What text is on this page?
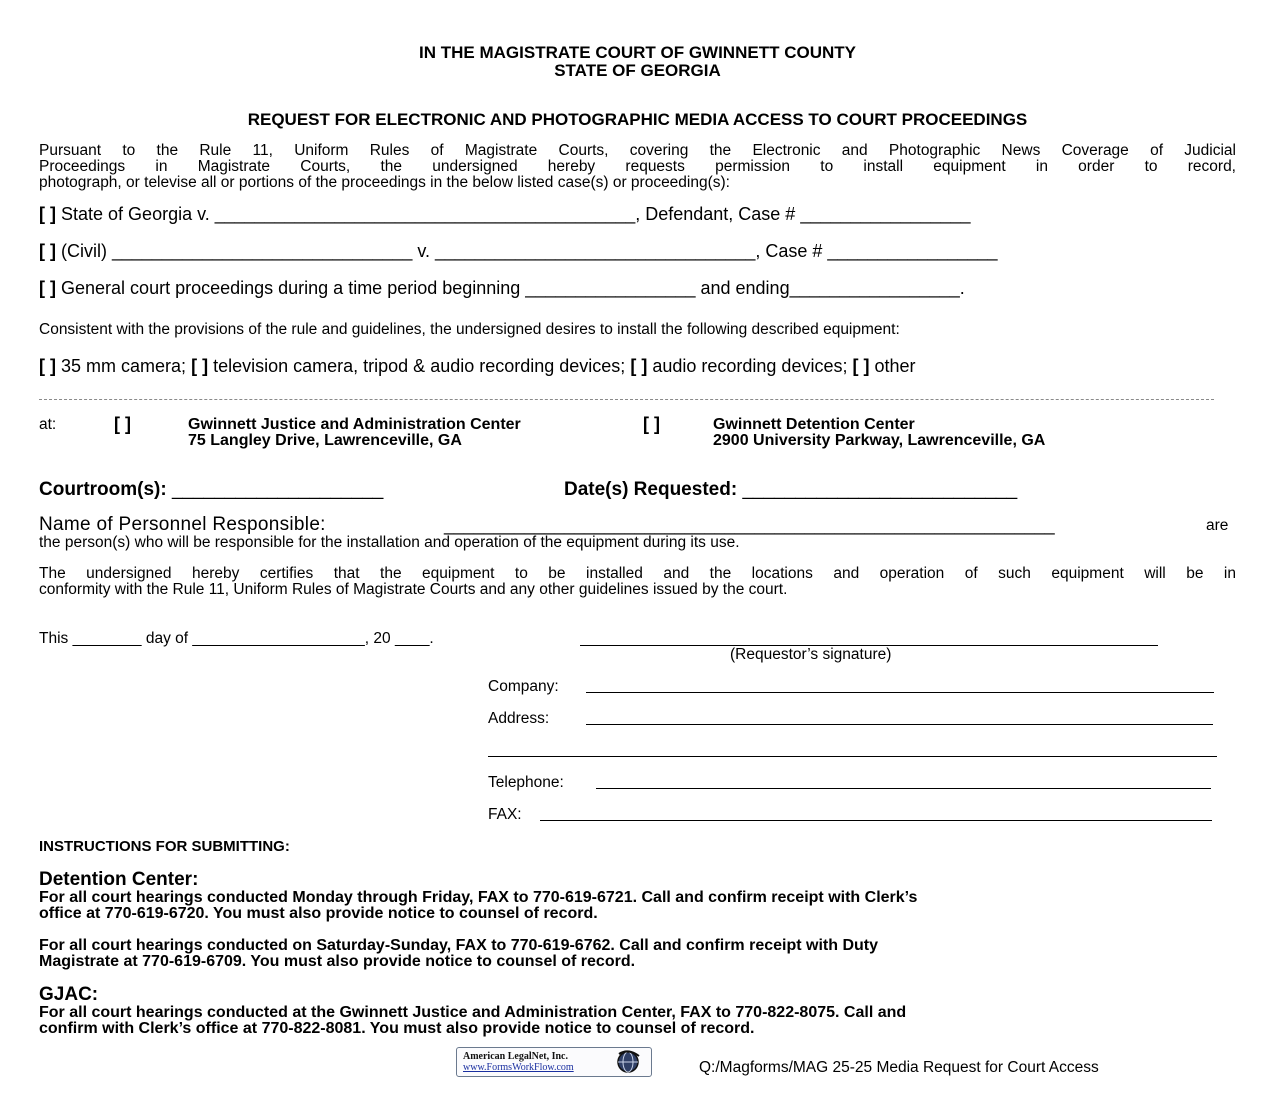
IN THE MAGISTRATE COURT OF GWINNETT COUNTY
STATE OF GEORGIA
REQUEST FOR ELECTRONIC AND PHOTOGRAPHIC MEDIA ACCESS TO COURT PROCEEDINGS
Pursuant to the Rule 11, Uniform Rules of Magistrate Courts, covering the Electronic and Photographic News Coverage of Judicial
Proceedings in Magistrate Courts, the undersigned hereby requests permission to install equipment in order to record,
photograph, or televise all or portions of the proceedings in the below listed case(s) or proceeding(s):
[ ] State of Georgia v. __________________________________________, Defendant, Case # _________________
[ ] (Civil) ______________________________ v. ________________________________, Case # _________________
[ ] General court proceedings during a time period beginning _________________ and ending_________________.
Consistent with the provisions of the rule and guidelines, the undersigned desires to install the following described equipment:
[ ] 35 mm camera; [ ] television camera, tripod & audio recording devices; [ ] audio recording devices; [ ] other
at:	[ ]	Gwinnett Justice and Administration Center
75 Langley Drive, Lawrenceville, GA
[ ]	Gwinnett Detention Center
2900 University Parkway, Lawrenceville, GA
Courtroom(s): ____________________	Date(s) Requested: __________________________
Name of Personnel Responsible:	_____________________________________________________________	are
the person(s) who will be responsible for the installation and operation of the equipment during its use.
The undersigned hereby certifies that the equipment to be installed and the locations and operation of such equipment will be in
conformity with the Rule 11, Uniform Rules of Magistrate Courts and any other guidelines issued by the court.
This ________ day of ____________________, 20 ____.
(Requestor’s signature)
Company:
Address:
Telephone:
FAX:
INSTRUCTIONS FOR SUBMITTING:
Detention Center:
For all court hearings conducted Monday through Friday, FAX to 770-619-6721. Call and confirm receipt with Clerk’s
office at 770-619-6720. You must also provide notice to counsel of record.
For all court hearings conducted on Saturday-Sunday, FAX to 770-619-6762. Call and confirm receipt with Duty
Magistrate at 770-619-6709. You must also provide notice to counsel of record.
GJAC:
For all court hearings conducted at the Gwinnett Justice and Administration Center, FAX to 770-822-8075. Call and
confirm with Clerk’s office at 770-822-8081. You must also provide notice to counsel of record.
American LegalNet, Inc.
www.FormsWorkFlow.com	Q:/Magforms/MAG 25-25 Media Request for Court Access
